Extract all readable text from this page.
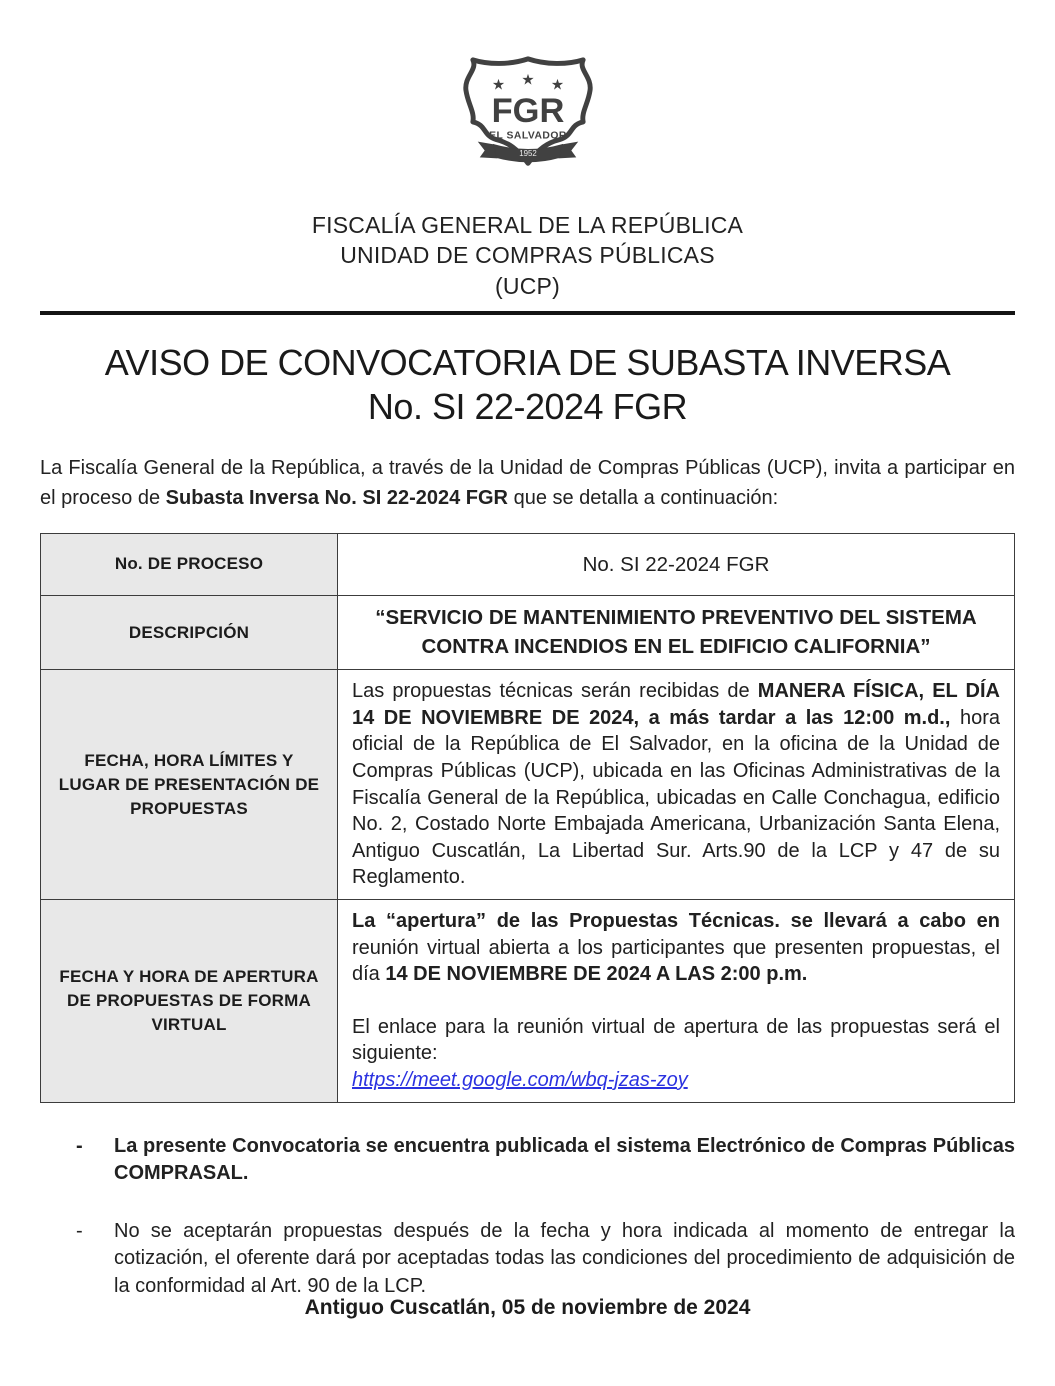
★ ★ ★
FGR
EL SALVADOR
1952
FISCALÍA GENERAL DE LA REPÚBLICA
UNIDAD DE COMPRAS PÚBLICAS
(UCP)
AVISO DE CONVOCATORIA DE SUBASTA INVERSA
No. SI 22-2024 FGR

La Fiscalía General de la República, a través de la Unidad de Compras Públicas (UCP), invita a participar en el proceso de Subasta Inversa No. SI 22-2024 FGR que se detalla a continuación:

No. DE PROCESO	No. SI 22-2024 FGR
DESCRIPCIÓN	“SERVICIO DE MANTENIMIENTO PREVENTIVO DEL SISTEMA CONTRA INCENDIOS EN EL EDIFICIO CALIFORNIA”
FECHA, HORA LÍMITES Y LUGAR DE PRESENTACIÓN DE PROPUESTAS	Las propuestas técnicas serán recibidas de MANERA FÍSICA, EL DÍA 14 DE NOVIEMBRE DE 2024, a más tardar a las 12:00 m.d., hora oficial de la República de El Salvador, en la oficina de la Unidad de Compras Públicas (UCP), ubicada en las Oficinas Administrativas de la Fiscalía General de la República, ubicadas en Calle Conchagua, edificio No. 2, Costado Norte Embajada Americana, Urbanización Santa Elena, Antiguo Cuscatlán, La Libertad Sur. Arts.90 de la LCP y 47 de su Reglamento.
FECHA Y HORA DE APERTURA DE PROPUESTAS DE FORMA VIRTUAL	La “apertura” de las Propuestas Técnicas. se llevará a cabo en reunión virtual abierta a los participantes que presenten propuestas, el día 14 DE NOVIEMBRE DE 2024 A LAS 2:00 p.m.

El enlace para la reunión virtual de apertura de las propuestas será el siguiente:

https://meet.google.com/wbq-jzas-zoy

-	La presente Convocatoria se encuentra publicada el sistema Electrónico de Compras Públicas COMPRASAL.
-	No se aceptarán propuestas después de la fecha y hora indicada al momento de entregar la cotización, el oferente dará por aceptadas todas las condiciones del procedimiento de adquisición de la conformidad al Art. 90 de la LCP.
Antiguo Cuscatlán, 05 de noviembre de 2024
